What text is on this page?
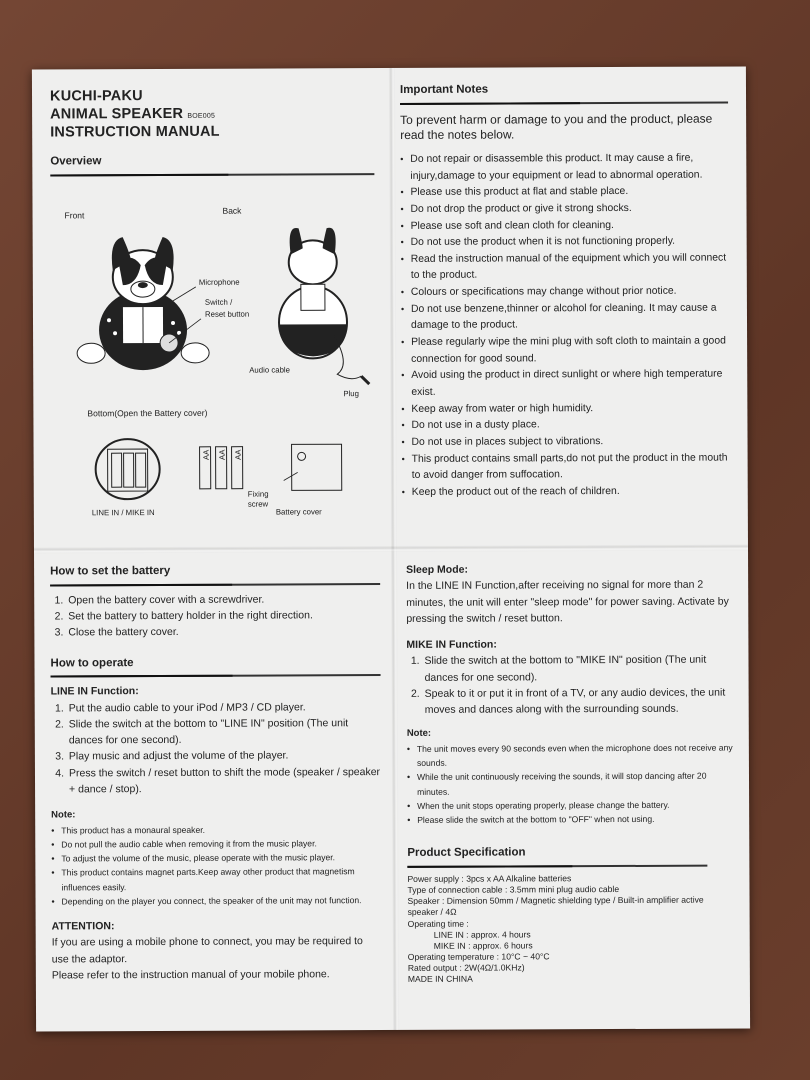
KUCHI-PAKU
ANIMAL SPEAKER BOE005
INSTRUCTION MANUAL
Overview
Front	Back
Microphone
Switch /
Reset button
Audio cable
Plug
Bottom(Open the Battery cover)
AA AA AA
LINE IN / MIKE IN
Fixing
screw
Battery cover
Important Notes
To prevent harm or damage to you and the product, please read the notes below.
• Do not repair or disassemble this product. It may cause a fire, injury,damage to your equipment or lead to abnormal operation.
• Please use this product at flat and stable place.
• Do not drop the product or give it strong shocks.
• Please use soft and clean cloth for cleaning.
• Do not use the product when it is not functioning properly.
• Read the instruction manual of the equipment which you will connect to the product.
• Colours or specifications may change without prior notice.
• Do not use benzene,thinner or alcohol for cleaning. It may cause a damage to the product.
• Please regularly wipe the mini plug with soft cloth to maintain a good connection for good sound.
• Avoid using the product in direct sunlight or where high temperature exist.
• Keep away from water or high humidity.
• Do not use in a dusty place.
• Do not use in places subject to vibrations.
• This product contains small parts,do not put the product in the mouth to avoid danger from suffocation.
• Keep the product out of the reach of children.
How to set the battery
1. Open the battery cover with a screwdriver.
2. Set the battery to battery holder in the right direction.
3. Close the battery cover.
How to operate
LINE IN Function:
1. Put the audio cable to your iPod / MP3 / CD player.
2. Slide the switch at the bottom to "LINE IN" position (The unit dances for one second).
3. Play music and adjust the volume of the player.
4. Press the switch / reset button to shift the mode (speaker / speaker + dance / stop).
Note:
• This product has a monaural speaker.
• Do not pull the audio cable when removing it from the music player.
• To adjust the volume of the music, please operate with the music player.
• This product contains magnet parts.Keep away other product that magnetism influences easily.
• Depending on the player you connect, the speaker of the unit may not function.
ATTENTION:
If you are using a mobile phone to connect, you may be required to use the adaptor.
Please refer to the instruction manual of your mobile phone.
Sleep Mode:
In the LINE IN Function,after receiving no signal for more than 2 minutes, the unit will enter "sleep mode" for power saving. Activate by pressing the switch / reset button.
MIKE IN Function:
1. Slide the switch at the bottom to "MIKE IN" position (The unit dances for one second).
2. Speak to it or put it in front of a TV, or any audio devices, the unit moves and dances along with the surrounding sounds.
Note:
• The unit moves every 90 seconds even when the microphone does not receive any sounds.
• While the unit continuously receiving the sounds, it will stop dancing after 20 minutes.
• When the unit stops operating properly, please change the battery.
• Please slide the switch at the bottom to "OFF" when not using.
Product Specification
Power supply : 3pcs x AA Alkaline batteries
Type of connection cable : 3.5mm mini plug audio cable
Speaker : Dimension 50mm / Magnetic shielding type / Built-in amplifier active speaker / 4Ω
Operating time :
LINE IN : approx. 4 hours
MIKE IN : approx. 6 hours
Operating temperature : 10°C ~ 40°C
Rated output : 2W(4Ω/1.0KHz)
MADE IN CHINA
